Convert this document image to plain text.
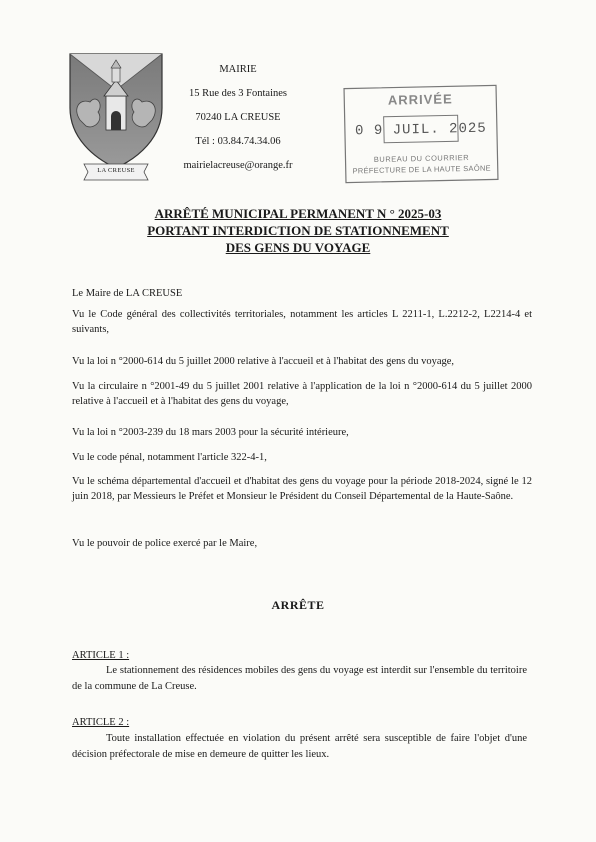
LA CREUSE
MAIRIE
15 Rue des 3 Fontaines
70240 LA CREUSE
Tél : 03.84.74.34.06
mairielacreuse@orange.fr
ARRIVÉE
0 9 JUIL. 2025
BUREAU DU COURRIER
PRÉFECTURE DE LA HAUTE SAÔNE
ARRÊTÉ MUNICIPAL PERMANENT N ° 2025-03
PORTANT INTERDICTION DE STATIONNEMENT
DES GENS DU VOYAGE
Le Maire de LA CREUSE
Vu le Code général des collectivités territoriales, notamment les articles L 2211-1, L.2212-2, L2214-4 et suivants,
Vu la loi n °2000-614 du 5 juillet 2000 relative à l'accueil et à l'habitat des gens du voyage,
Vu la circulaire n °2001-49 du 5 juillet 2001 relative à l'application de la loi n °2000-614 du 5 juillet 2000 relative à l'accueil et à l'habitat des gens du voyage,
Vu la loi n °2003-239 du 18 mars 2003 pour la sécurité intérieure,
Vu le code pénal, notamment l'article 322-4-1,
Vu le schéma départemental d'accueil et d'habitat des gens du voyage pour la période 2018-2024, signé le 12 juin 2018, par Messieurs le Préfet et Monsieur le Président du Conseil Départemental de la Haute-Saône.
Vu le pouvoir de police exercé par le Maire,
ARRÊTE
ARTICLE 1 :
Le stationnement des résidences mobiles des gens du voyage est interdit sur l'ensemble du territoire de la commune de La Creuse.
ARTICLE 2 :
Toute installation effectuée en violation du présent arrêté sera susceptible de faire l'objet d'une décision préfectorale de mise en demeure de quitter les lieux.
